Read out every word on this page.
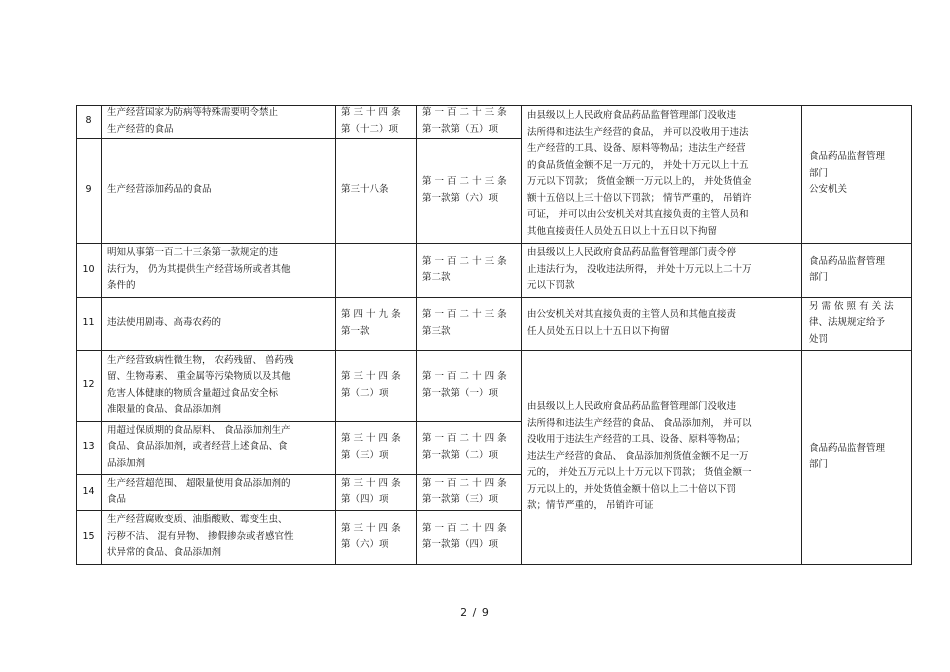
8
生产经营国家为防病等特殊需要明令禁止
生产经营的食品
第 三 十 四 条
第（十二）项
第 一 百 二 十 三 条
第一款第（五）项
9 生产经营添加药品的食品	第三十八条
第 一 百 二 十 三 条
第一款第（六）项
由县级以上人民政府食品药品监督管理部门没收违
法所得和违法生产经营的食品， 并可以没收用于违法
生产经营的工具、设备、原料等物品；违法生产经营
的食品货值金额不足一万元的， 并处十万元以上十五
万元以下罚款； 货值金额一万元以上的， 并处货值金
额十五倍以上三十倍以下罚款； 情节严重的， 吊销许
可证， 并可以由公安机关对其直接负责的主管人员和
其他直接责任人员处五日以上十五日以下拘留
食品药品监督管理
部门
公安机关
10
明知从事第一百二十三条第一款规定的违
法行为， 仍为其提供生产经营场所或者其他
条件的
第 一 百 二 十 三 条
第二款
由县级以上人民政府食品药品监督管理部门责令停
止违法行为， 没收违法所得， 并处十万元以上二十万
元以下罚款
食品药品监督管理
部门
11 违法使用剧毒、高毒农药的
第 四 十 九 条
第一款
第 一 百 二 十 三 条
第三款
由公安机关对其直接负责的主管人员和其他直接责
任人员处五日以上十五日以下拘留
另 需 依 照 有 关 法
律、法规规定给予
处罚
12
生产经营致病性微生物， 农药残留、 兽药残
留、生物毒素、 重金属等污染物质以及其他
危害人体健康的物质含量超过食品安全标
准限量的食品、食品添加剂
第 三 十 四 条
第（二）项
第 一 百 二 十 四 条
第一款第（一）项
13
用超过保质期的食品原料、 食品添加剂生产
食品、食品添加剂，或者经营上述食品、食
品添加剂
第 三 十 四 条
第（三）项
第 一 百 二 十 四 条
第一款第（二）项
14
生产经营超范围、 超限量使用食品添加剂的
食品
第 三 十 四 条
第（四）项
第 一 百 二 十 四 条
第一款第（三）项
15
生产经营腐败变质、油脂酸败、霉变生虫、
污秽不洁、 混有异物、 掺假掺杂或者感官性
状异常的食品、食品添加剂
第 三 十 四 条
第（六）项
第 一 百 二 十 四 条
第一款第（四）项
由县级以上人民政府食品药品监督管理部门没收违
法所得和违法生产经营的食品、 食品添加剂， 并可以
没收用于违法生产经营的工具、设备、原料等物品；
违法生产经营的食品、 食品添加剂货值金额不足一万
元的， 并处五万元以上十万元以下罚款； 货值金额一
万元以上的，并处货值金额十倍以上二十倍以下罚
款；情节严重的， 吊销许可证
食品药品监督管理
部门
2 / 9
